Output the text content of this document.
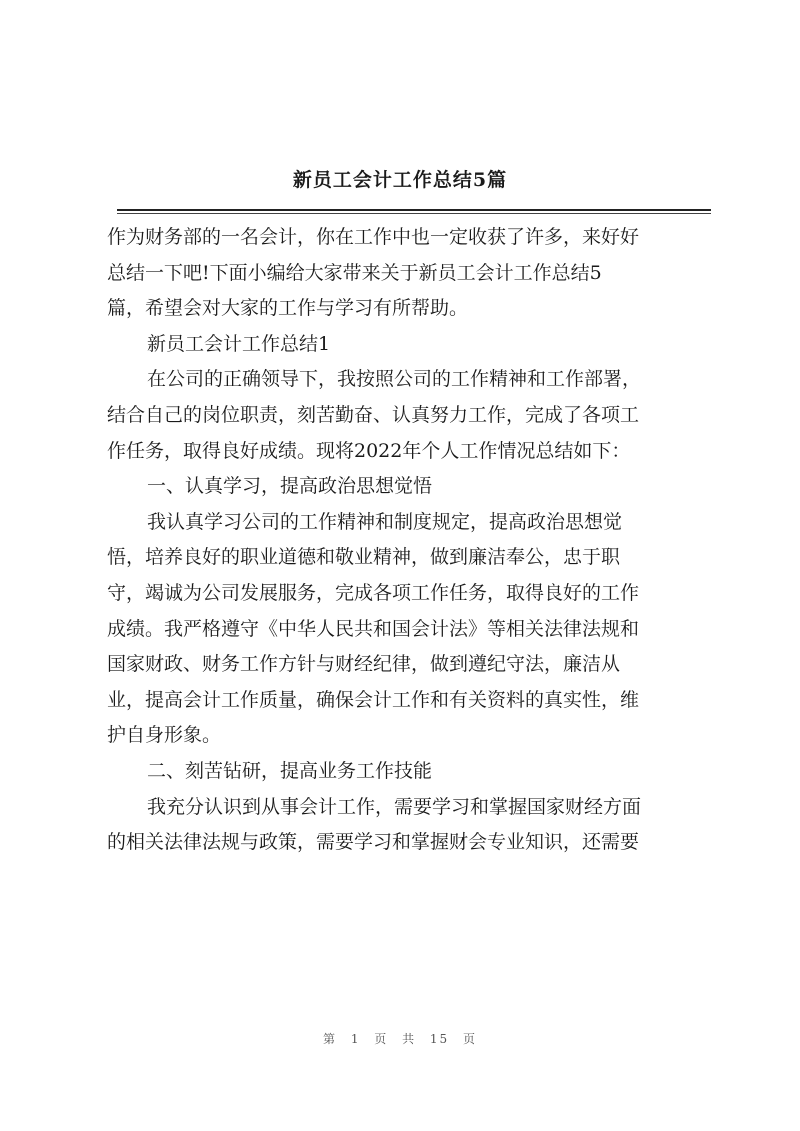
新员工会计工作总结5篇
作为财务部的一名会计，你在工作中也一定收获了许多，来好好
总结一下吧!下面小编给大家带来关于新员工会计工作总结5
篇，希望会对大家的工作与学习有所帮助。
新员工会计工作总结1
在公司的正确领导下，我按照公司的工作精神和工作部署，
结合自己的岗位职责，刻苦勤奋、认真努力工作，完成了各项工
作任务，取得良好成绩。现将2022年个人工作情况总结如下：
一、认真学习，提高政治思想觉悟
我认真学习公司的工作精神和制度规定，提高政治思想觉
悟，培养良好的职业道德和敬业精神，做到廉洁奉公，忠于职
守，竭诚为公司发展服务，完成各项工作任务，取得良好的工作
成绩。我严格遵守《中华人民共和国会计法》等相关法律法规和
国家财政、财务工作方针与财经纪律，做到遵纪守法，廉洁从
业，提高会计工作质量，确保会计工作和有关资料的真实性，维
护自身形象。
二、刻苦钻研，提高业务工作技能
我充分认识到从事会计工作，需要学习和掌握国家财经方面
的相关法律法规与政策，需要学习和掌握财会专业知识，还需要
第 1 页 共 15 页
